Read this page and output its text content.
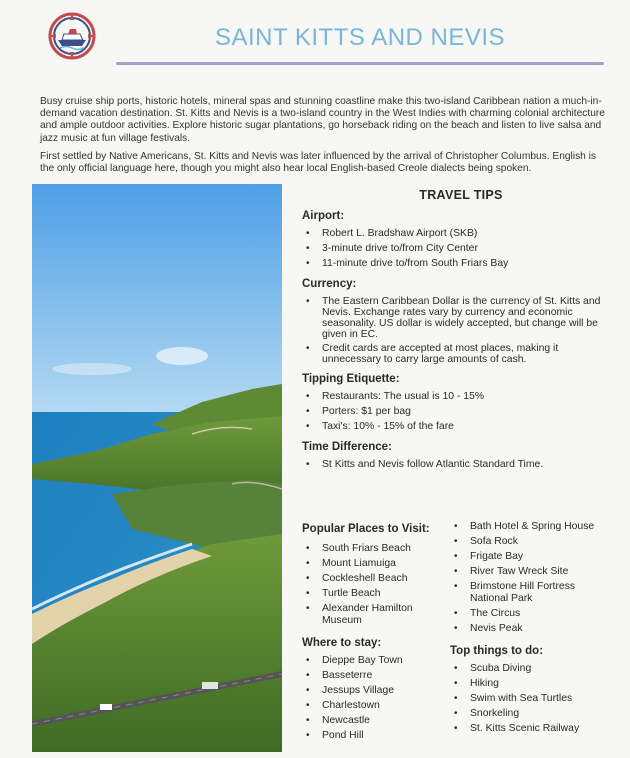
SAINT KITTS AND NEVIS

Busy cruise ship ports, historic hotels, mineral spas and stunning coastline make this two-island Caribbean nation a much-in-demand vacation destination. St. Kitts and Nevis is a two-island country in the West Indies with charming colonial architecture and ample outdoor activities. Explore historic sugar plantations, go horseback riding on the beach and listen to live salsa and jazz music at fun village festivals.

First settled by Native Americans, St. Kitts and Nevis was later influenced by the arrival of Christopher Columbus. English is the only official language here, though you might also hear local English-based Creole dialects being spoken.

TRAVEL TIPS
Airport:
• Robert L. Bradshaw Airport (SKB)
• 3-minute drive to/from City Center
• 11-minute drive to/from South Friars Bay
Currency:
• The Eastern Caribbean Dollar is the currency of St. Kitts and Nevis. Exchange rates vary by currency and economic seasonality. US dollar is widely accepted, but change will be given in EC.
• Credit cards are accepted at most places, making it unnecessary to carry large amounts of cash.
Tipping Etiquette:
• Restaurants: The usual is 10 - 15%
• Porters: $1 per bag
• Taxi's: 10% - 15% of the fare
Time Difference:
• St Kitts and Nevis follow Atlantic Standard Time.
Popular Places to Visit:
• South Friars Beach
• Mount Liamuiga
• Cockleshell Beach
• Turtle Beach
• Alexander Hamilton Museum
Where to stay:
• Dieppe Bay Town
• Basseterre
• Jessups Village
• Charlestown
• Newcastle
• Pond Hill
• Bath Hotel & Spring House
• Sofa Rock
• Frigate Bay
• River Taw Wreck Site
• Brimstone Hill Fortress National Park
• The Circus
• Nevis Peak
Top things to do:
• Scuba Diving
• Hiking
• Swim with Sea Turtles
• Snorkeling
• St. Kitts Scenic Railway
